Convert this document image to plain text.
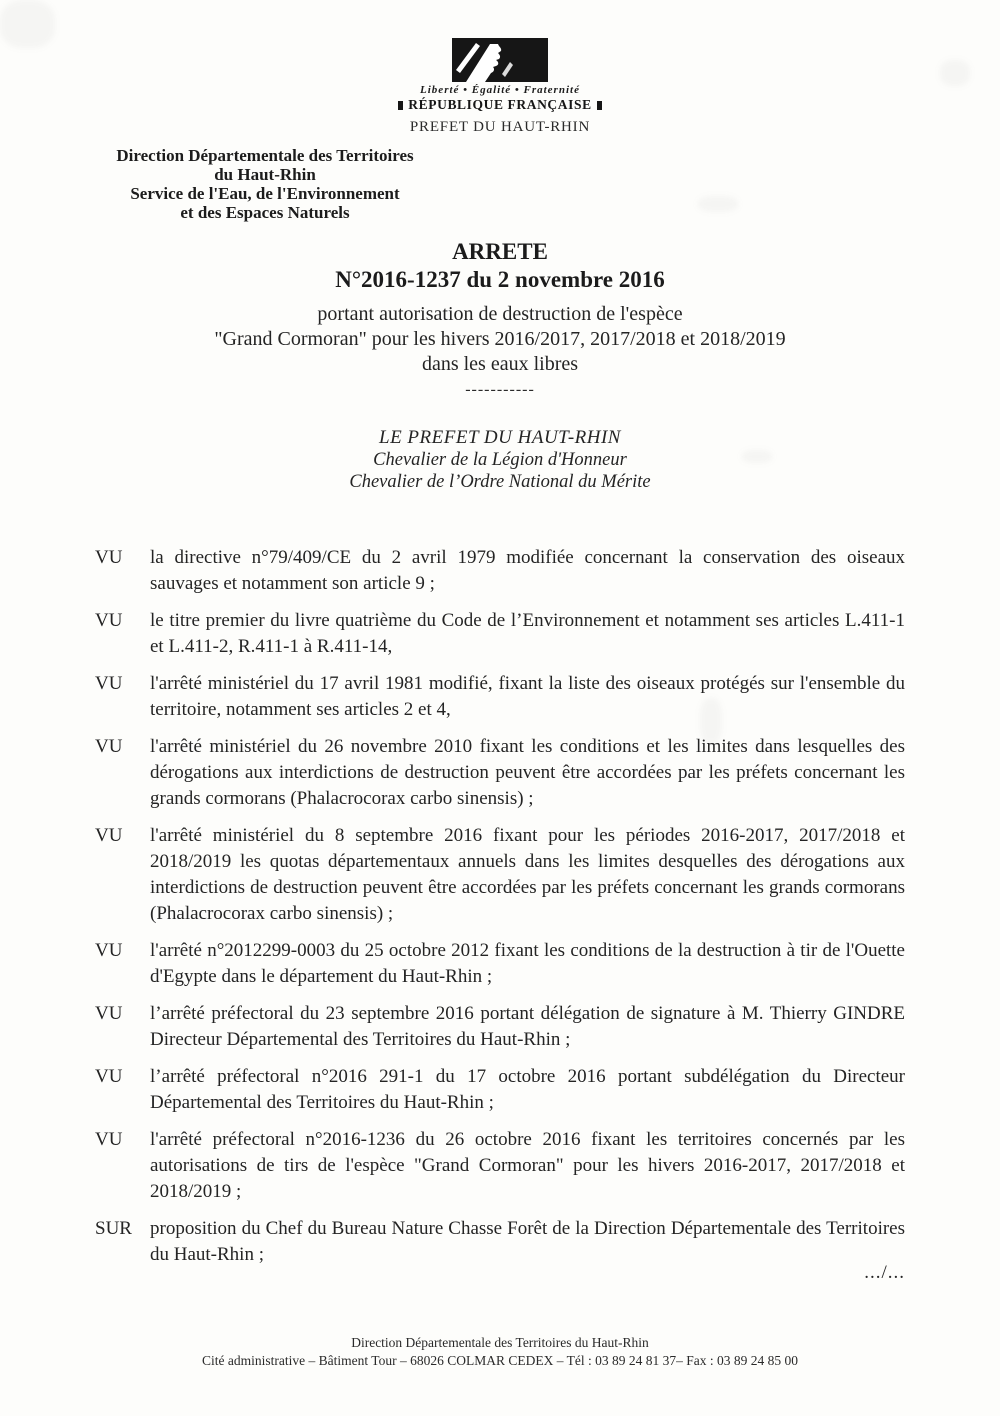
Liberté • Égalité • Fraternité
RÉPUBLIQUE FRANÇAISE
PREFET DU HAUT-RHIN
Direction Départementale des Territoires
du Haut-Rhin
Service de l'Eau, de l'Environnement
et des Espaces Naturels
ARRETE
N°2016-1237 du 2 novembre 2016
portant autorisation de destruction de l'espèce
"Grand Cormoran" pour les hivers 2016/2017, 2017/2018 et 2018/2019
dans les eaux libres
-----------
LE PREFET DU HAUT-RHIN
Chevalier de la Légion d'Honneur
Chevalier de l’Ordre National du Mérite
VU	la directive n°79/409/CE du 2 avril 1979 modifiée concernant la conservation des oiseaux sauvages et notamment son article 9 ;

VU	le titre premier du livre quatrième du Code de l’Environnement et notamment ses articles L.411-1 et L.411-2, R.411-1 à R.411-14,

VU	l'arrêté ministériel du 17 avril 1981 modifié, fixant la liste des oiseaux protégés sur l'ensemble du territoire, notamment ses articles 2 et 4,

VU	l'arrêté ministériel du 26 novembre 2010 fixant les conditions et les limites dans lesquelles des dérogations aux interdictions de destruction peuvent être accordées par les préfets concernant les grands cormorans (Phalacrocorax carbo sinensis) ;

VU	l'arrêté ministériel du 8 septembre 2016 fixant pour les périodes 2016-2017, 2017/2018 et 2018/2019 les quotas départementaux annuels dans les limites desquelles des dérogations aux interdictions de destruction peuvent être accordées par les préfets concernant les grands cormorans (Phalacrocorax carbo sinensis) ;

VU	l'arrêté n°2012299-0003 du 25 octobre 2012 fixant les conditions de la destruction à tir de l'Ouette d'Egypte dans le département du Haut-Rhin ;

VU	l’arrêté préfectoral du 23 septembre 2016 portant délégation de signature à M. Thierry GINDRE Directeur Départemental des Territoires du Haut-Rhin ;

VU	l’arrêté préfectoral n°2016 291-1 du 17 octobre 2016 portant subdélégation du Directeur Départemental des Territoires du Haut-Rhin ;

VU	l'arrêté préfectoral n°2016-1236 du 26 octobre 2016 fixant les territoires concernés par les autorisations de tirs de l'espèce "Grand Cormoran" pour les hivers 2016-2017, 2017/2018 et 2018/2019 ;

SUR proposition du Chef du Bureau Nature Chasse Forêt de la Direction Départementale des Territoires du Haut-Rhin ;

.../...
Direction Départementale des Territoires du Haut-Rhin
Cité administrative – Bâtiment Tour – 68026 COLMAR CEDEX – Tél : 03 89 24 81 37– Fax : 03 89 24 85 00
